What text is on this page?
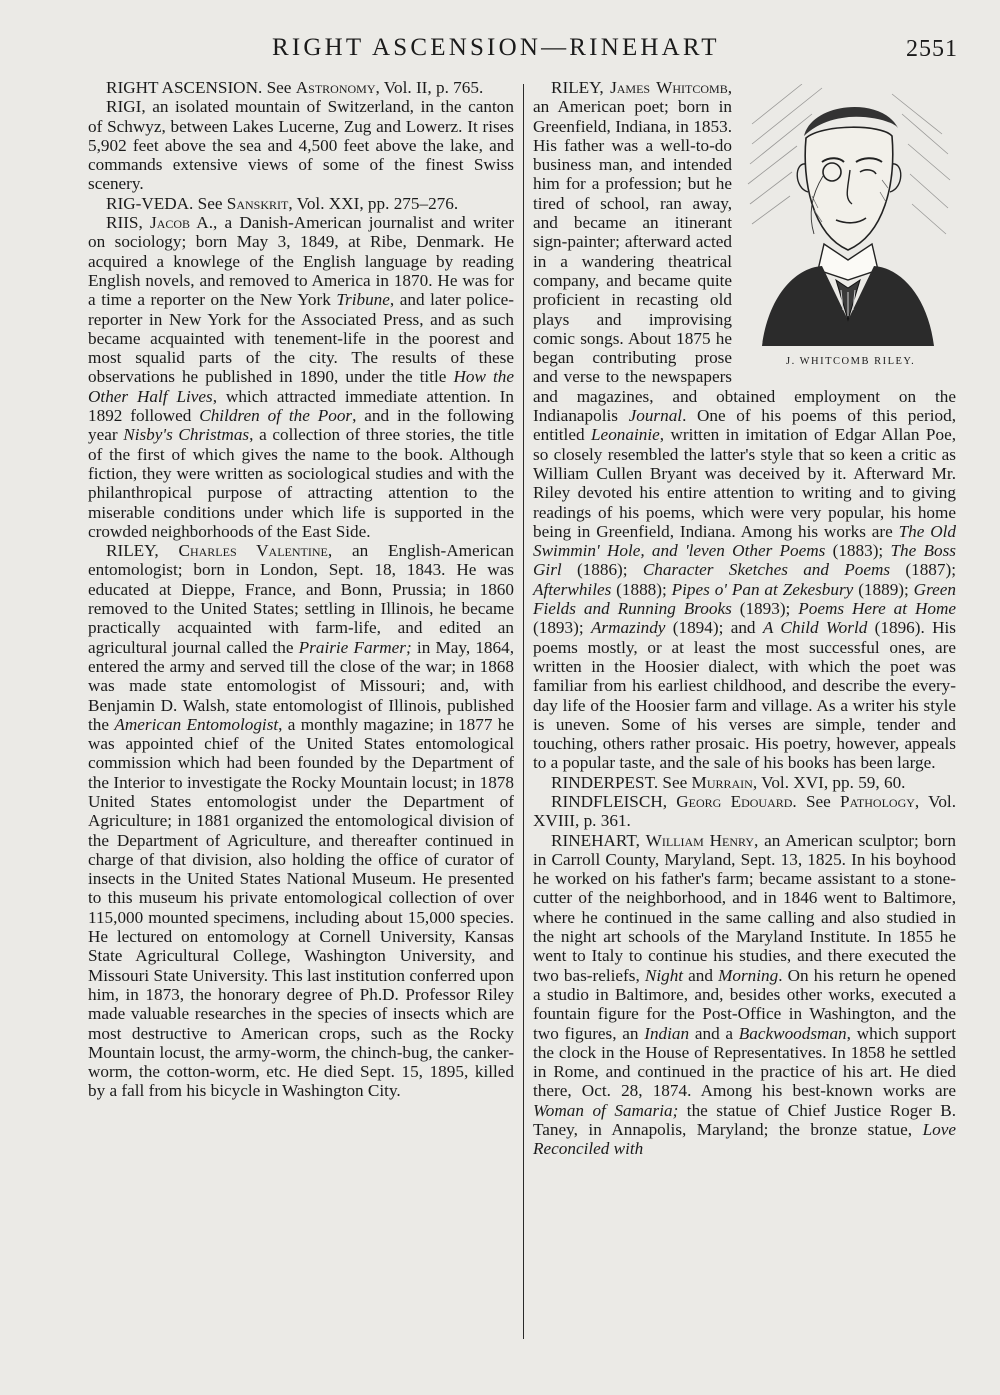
RIGHT ASCENSION—RINEHART	2551

RIGHT ASCENSION. See Astronomy, Vol. II, p. 765.

RIGI, an isolated mountain of Switzerland, in the canton of Schwyz, between Lakes Lucerne, Zug and Lowerz. It rises 5,902 feet above the sea and 4,500 feet above the lake, and commands extensive views of some of the finest Swiss scenery.

RIG-VEDA. See Sanskrit, Vol. XXI, pp. 275–276.

RIIS, Jacob A., a Danish-American journalist and writer on sociology; born May 3, 1849, at Ribe, Denmark. He acquired a knowlege of the English language by reading English novels, and removed to America in 1870. He was for a time a reporter on the New York Tribune, and later police-reporter in New York for the Associated Press, and as such became acquainted with tenement-life in the poorest and most squalid parts of the city. The results of these observations he published in 1890, under the title How the Other Half Lives, which attracted immediate attention. In 1892 followed Children of the Poor, and in the following year Nisby's Christmas, a collection of three stories, the title of the first of which gives the name to the book. Although fiction, they were written as sociological studies and with the philanthropical purpose of attracting attention to the miserable conditions under which life is supported in the crowded neighborhoods of the East Side.

RILEY, Charles Valentine, an English-American entomologist; born in London, Sept. 18, 1843. He was educated at Dieppe, France, and Bonn, Prussia; in 1860 removed to the United States; settling in Illinois, he became practically acquainted with farm-life, and edited an agricultural journal called the Prairie Farmer; in May, 1864, entered the army and served till the close of the war; in 1868 was made state entomologist of Missouri; and, with Benjamin D. Walsh, state entomologist of Illinois, published the American Entomologist, a monthly magazine; in 1877 he was appointed chief of the United States entomological commission which had been founded by the Department of the Interior to investigate the Rocky Mountain locust; in 1878 United States entomologist under the Department of Agriculture; in 1881 organized the entomological division of the Department of Agriculture, and thereafter continued in charge of that division, also holding the office of curator of insects in the United States National Museum. He presented to this museum his private entomological collection of over 115,000 mounted specimens, including about 15,000 species. He lectured on entomology at Cornell University, Kansas State Agricultural College, Washington University, and Missouri State University. This last institution conferred upon him, in 1873, the honorary degree of Ph.D. Professor Riley made valuable researches in the species of insects which are most destructive to American crops, such as the Rocky Mountain locust, the army-worm, the chinch-bug, the canker-worm, the cotton-worm, etc. He died Sept. 15, 1895, killed by a fall from his bicycle in Washington City.

J. WHITCOMB RILEY.
RILEY, James Whitcomb, an American poet; born in Greenfield, Indiana, in 1853. His father was a well-to-do business man, and intended him for a profession; but he tired of school, ran away, and became an itinerant sign-painter; afterward acted in a wandering theatrical company, and became quite proficient in recasting old plays and improvising comic songs. About 1875 he began contributing prose and verse to the newspapers and magazines, and obtained employment on the Indianapolis Journal. One of his poems of this period, entitled Leonainie, written in imitation of Edgar Allan Poe, so closely resembled the latter's style that so keen a critic as William Cullen Bryant was deceived by it. Afterward Mr. Riley devoted his entire attention to writing and to giving readings of his poems, which were very popular, his home being in Greenfield, Indiana. Among his works are The Old Swimmin' Hole, and 'leven Other Poems (1883); The Boss Girl (1886); Character Sketches and Poems (1887); Afterwhiles (1888); Pipes o' Pan at Zekesbury (1889); Green Fields and Running Brooks (1893); Poems Here at Home (1893); Armazindy (1894); and A Child World (1896). His poems mostly, or at least the most successful ones, are written in the Hoosier dialect, with which the poet was familiar from his earliest childhood, and describe the every-day life of the Hoosier farm and village. As a writer his style is uneven. Some of his verses are simple, tender and touching, others rather prosaic. His poetry, however, appeals to a popular taste, and the sale of his books has been large.

RINDERPEST. See Murrain, Vol. XVI, pp. 59, 60.

RINDFLEISCH, Georg Edouard. See Pathology, Vol. XVIII, p. 361.

RINEHART, William Henry, an American sculptor; born in Carroll County, Maryland, Sept. 13, 1825. In his boyhood he worked on his father's farm; became assistant to a stone-cutter of the neighborhood, and in 1846 went to Baltimore, where he continued in the same calling and also studied in the night art schools of the Maryland Institute. In 1855 he went to Italy to continue his studies, and there executed the two bas-reliefs, Night and Morning. On his return he opened a studio in Baltimore, and, besides other works, executed a fountain figure for the Post-Office in Washington, and the two figures, an Indian and a Backwoodsman, which support the clock in the House of Representatives. In 1858 he settled in Rome, and continued in the practice of his art. He died there, Oct. 28, 1874. Among his best-known works are Woman of Samaria; the statue of Chief Justice Roger B. Taney, in Annapolis, Maryland; the bronze statue, Love Reconciled with
